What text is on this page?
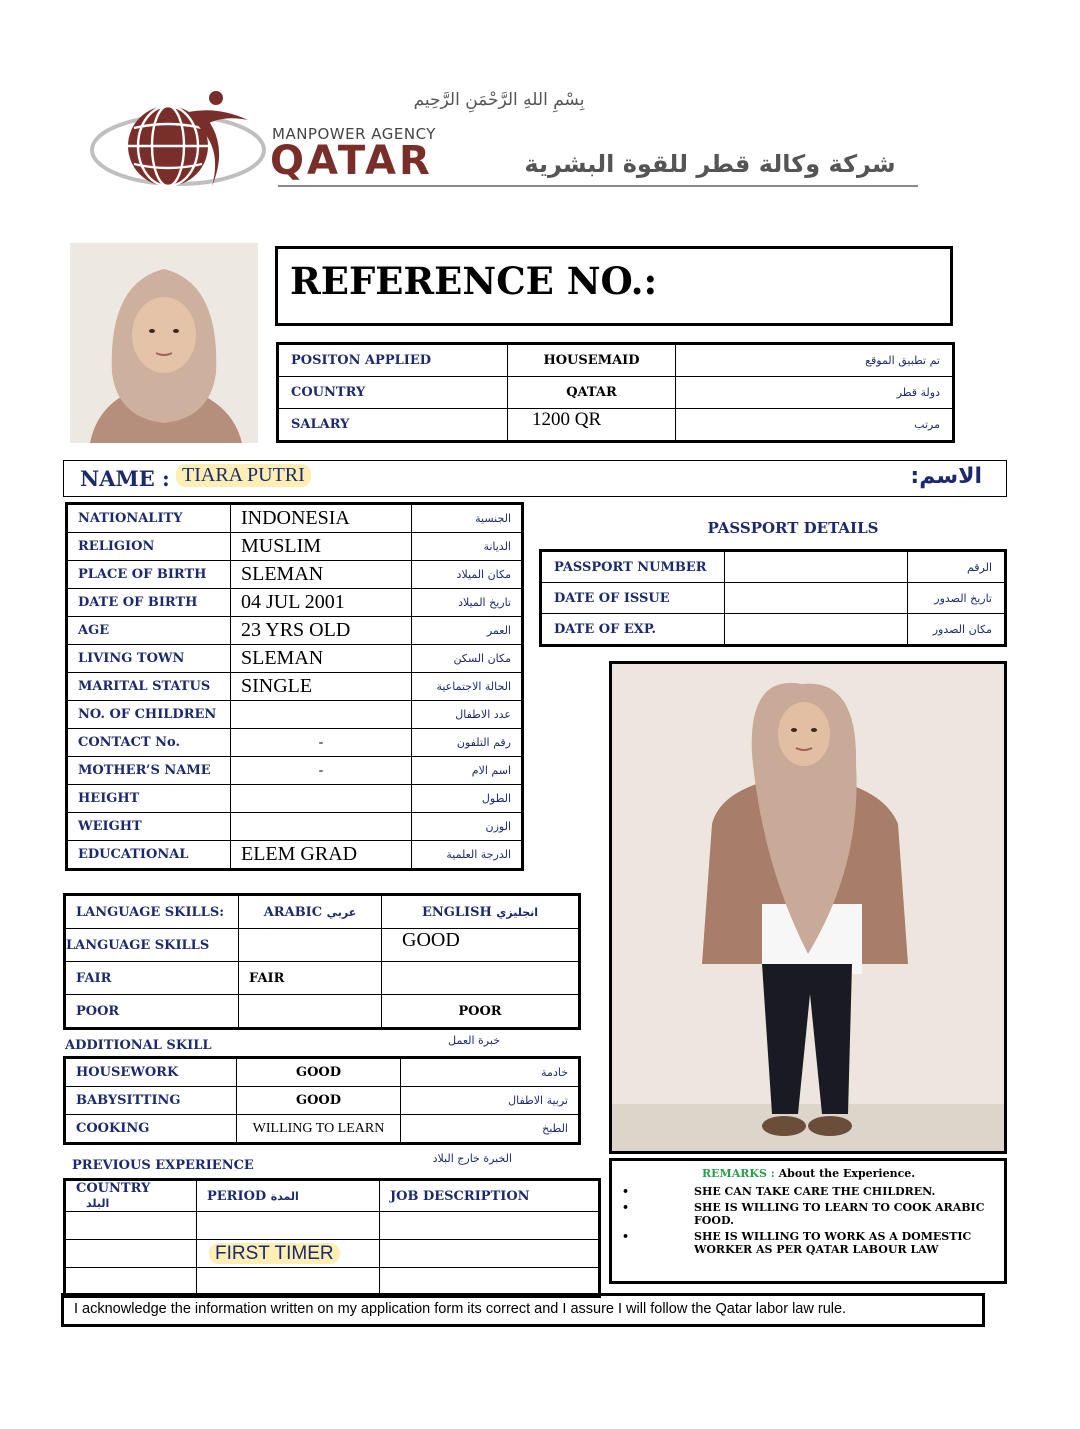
بِسْمِ اللهِ الرَّحْمَنِ الرَّحِيم
MANPOWER AGENCY
QATAR	شركة وكالة قطر للقوة البشرية
REFERENCE NO.:
POSITON APPLIED	HOUSEMAID	تم تطبيق الموقع
COUNTRY	QATAR	دولة قطر
SALARY	1200 QR	مرتب
NAME : TIARA PUTRI	الاسم:
NATIONALITY	INDONESIA	الجنسية
RELIGION	MUSLIM	الديانة
PLACE OF BIRTH	SLEMAN	مكان الميلاد
DATE OF BIRTH	04 JUL 2001	تاريخ الميلاد
AGE	23 YRS OLD	العمر
LIVING TOWN	SLEMAN	مكان السكن
MARITAL STATUS	SINGLE	الحالة الاجتماعية
NO. OF CHILDREN		عدد الاطفال
CONTACT No.	-	رقم التلفون
MOTHER’S NAME	-	اسم الام
HEIGHT		الطول
WEIGHT		الوزن
EDUCATIONAL	ELEM GRAD	الدرجة العلمية
PASSPORT DETAILS
PASSPORT NUMBER		الرقم
DATE OF ISSUE		تاريخ الصدور
DATE OF EXP.		مكان الصدور
LANGUAGE SKILLS:	ARABIC عربي	ENGLISH انجليزي
LANGUAGE SKILLS		GOOD
FAIR	FAIR	
POOR		POOR
ADDITIONAL SKILL	خبرة العمل
HOUSEWORK	GOOD	خادمة
BABYSITTING	GOOD	تربية الاطفال
COOKING	WILLING TO LEARN	الطبخ
PREVIOUS EXPERIENCE	الخبرة خارج البلاد
COUNTRY البلد	PERIOD المدة	JOB DESCRIPTION

	FIRST TIMER	

REMARKS : About the Experience.
•	SHE CAN TAKE CARE THE CHILDREN.
•	SHE IS WILLING TO LEARN TO COOK ARABIC FOOD.
•	SHE IS WILLING TO WORK AS A DOMESTIC WORKER AS PER QATAR LABOUR LAW
I acknowledge the information written on my application form its correct and I assure I will follow the Qatar labor law rule.
